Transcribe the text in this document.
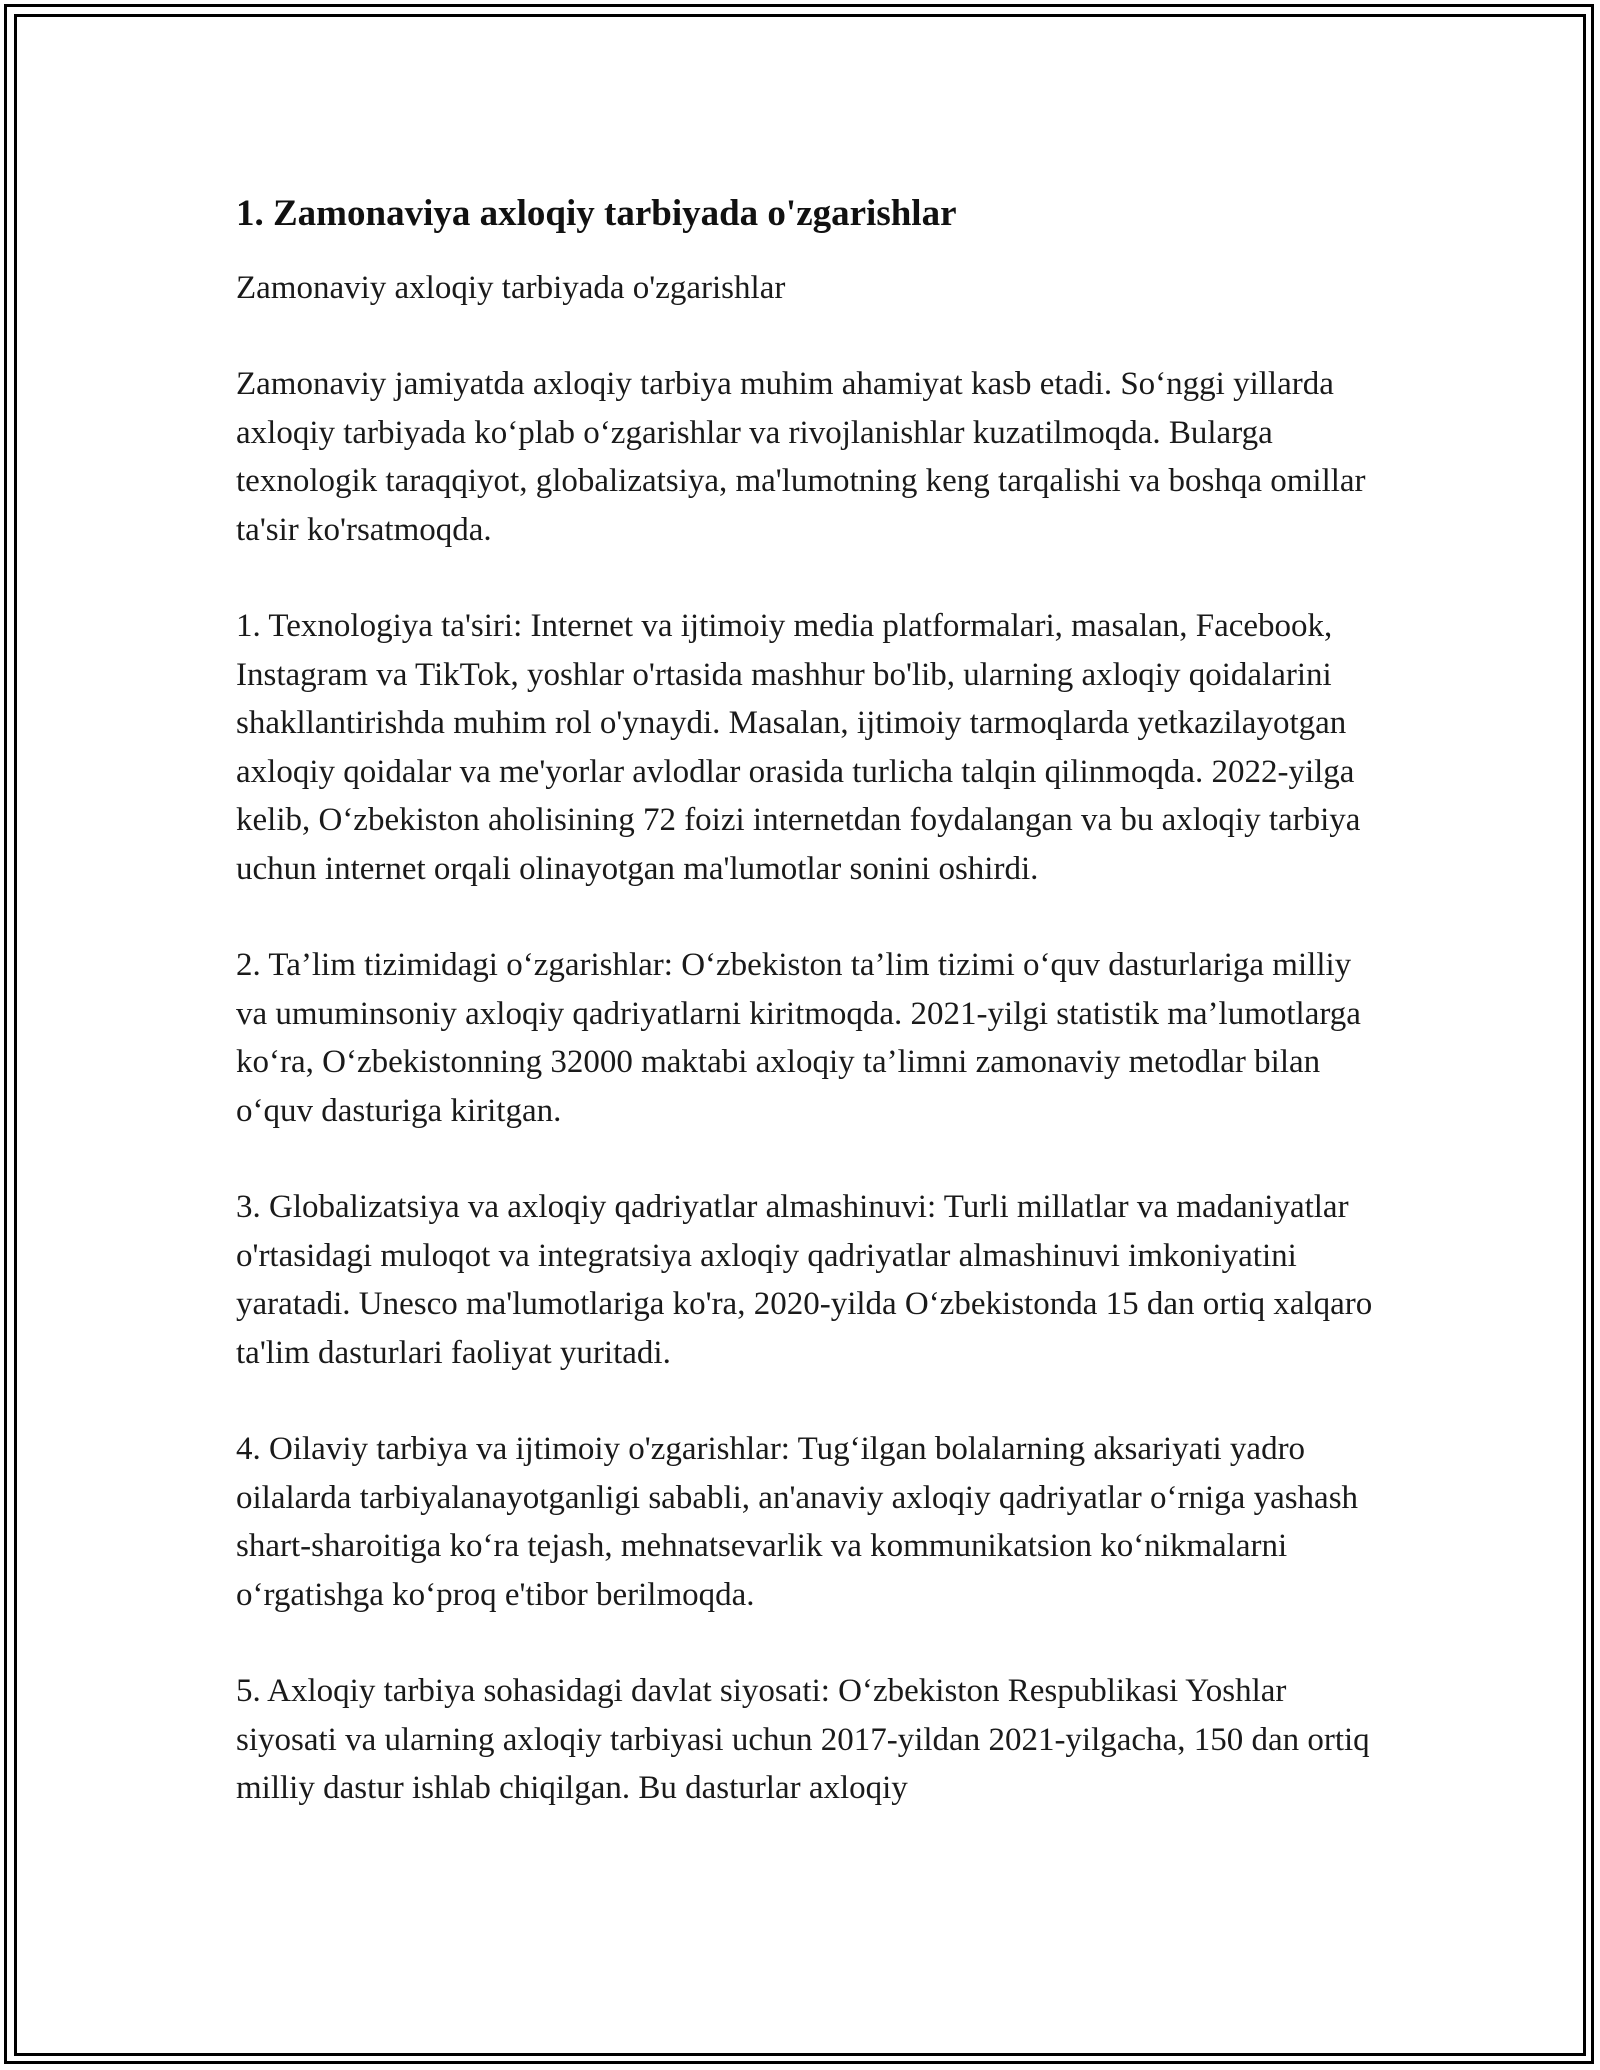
1. Zamonaviya axloqiy tarbiyada o'zgarishlar

Zamonaviy axloqiy tarbiyada o'zgarishlar

Zamonaviy jamiyatda axloqiy tarbiya muhim ahamiyat kasb etadi. So‘nggi yillarda axloqiy tarbiyada ko‘plab o‘zgarishlar va rivojlanishlar kuzatilmoqda. Bularga texnologik taraqqiyot, globalizatsiya, ma'lumotning keng tarqalishi va boshqa omillar ta'sir ko'rsatmoqda.

1. Texnologiya ta'siri: Internet va ijtimoiy media platformalari, masalan, Facebook, Instagram va TikTok, yoshlar o'rtasida mashhur bo'lib, ularning axloqiy qoidalarini shakllantirishda muhim rol o'ynaydi. Masalan, ijtimoiy tarmoqlarda yetkazilayotgan axloqiy qoidalar va me'yorlar avlodlar orasida turlicha talqin qilinmoqda. 2022-yilga kelib, O‘zbekiston aholisining 72 foizi internetdan foydalangan va bu axloqiy tarbiya uchun internet orqali olinayotgan ma'lumotlar sonini oshirdi.

2. Ta’lim tizimidagi o‘zgarishlar: O‘zbekiston ta’lim tizimi o‘quv dasturlariga milliy va umuminsoniy axloqiy qadriyatlarni kiritmoqda. 2021-yilgi statistik ma’lumotlarga ko‘ra, O‘zbekistonning 32000 maktabi axloqiy ta’limni zamonaviy metodlar bilan o‘quv dasturiga kiritgan.

3. Globalizatsiya va axloqiy qadriyatlar almashinuvi: Turli millatlar va madaniyatlar o'rtasidagi muloqot va integratsiya axloqiy qadriyatlar almashinuvi imkoniyatini yaratadi. Unesco ma'lumotlariga ko'ra, 2020-yilda O‘zbekistonda 15 dan ortiq xalqaro ta'lim dasturlari faoliyat yuritadi.

4. Oilaviy tarbiya va ijtimoiy o'zgarishlar: Tug‘ilgan bolalarning aksariyati yadro oilalarda tarbiyalanayotganligi sababli, an'anaviy axloqiy qadriyatlar o‘rniga yashash shart-sharoitiga ko‘ra tejash, mehnatsevarlik va kommunikatsion ko‘nikmalarni o‘rgatishga ko‘proq e'tibor berilmoqda.

5. Axloqiy tarbiya sohasidagi davlat siyosati: O‘zbekiston Respublikasi Yoshlar siyosati va ularning axloqiy tarbiyasi uchun 2017-yildan 2021-yilgacha, 150 dan ortiq milliy dastur ishlab chiqilgan. Bu dasturlar axloqiy
